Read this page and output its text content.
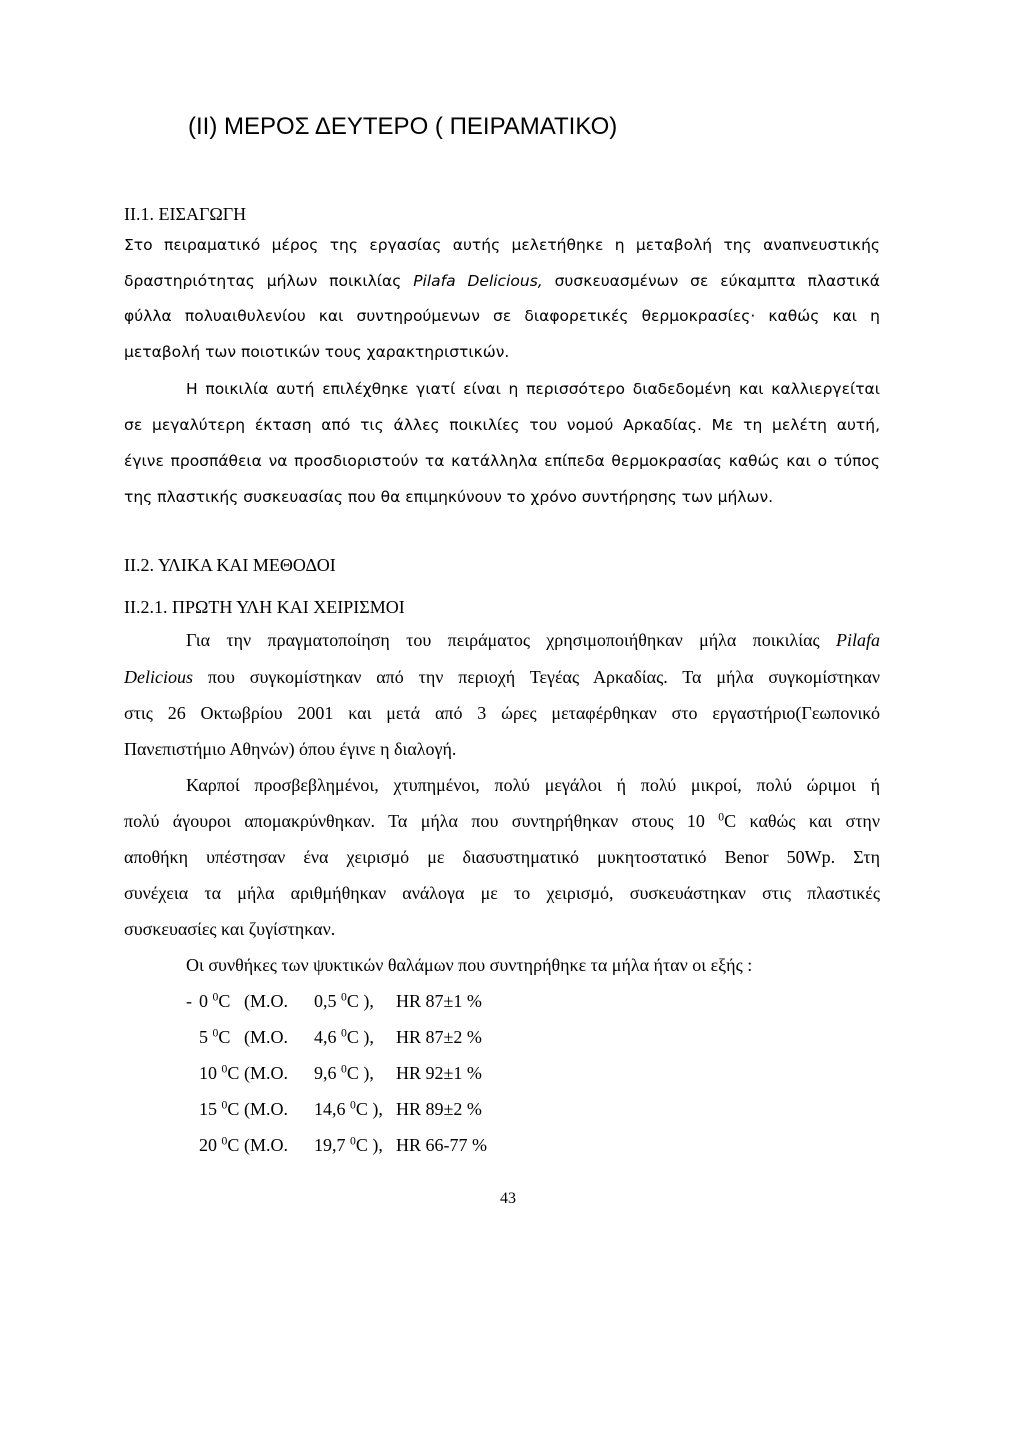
(II) ΜΕΡΟΣ ΔΕΥΤΕΡΟ ( ΠΕΙΡΑΜΑΤΙΚΟ)
ΙΙ.1. ΕΙΣΑΓΩΓΗ
Στο πειραματικό μέρος της εργασίας αυτής μελετήθηκε η μεταβολή της αναπνευστικής
δραστηριότητας μήλων ποικιλίας Pilafa Delicious, συσκευασμένων σε εύκαμπτα πλαστικά
φύλλα πολυαιθυλενίου και συντηρούμενων σε διαφορετικές θερμοκρασίες· καθώς και η
μεταβολή των ποιοτικών τους χαρακτηριστικών.
Η ποικιλία αυτή επιλέχθηκε γιατί είναι η περισσότερο διαδεδομένη και καλλιεργείται
σε μεγαλύτερη έκταση από τις άλλες ποικιλίες του νομού Αρκαδίας. Με τη μελέτη αυτή,
έγινε προσπάθεια να προσδιοριστούν τα κατάλληλα επίπεδα θερμοκρασίας καθώς και ο τύπος
της πλαστικής συσκευασίας που θα επιμηκύνουν το χρόνο συντήρησης των μήλων.
ΙΙ.2. ΥΛΙΚΑ ΚΑΙ ΜΕΘΟΔΟΙ
ΙΙ.2.1. ΠΡΩΤΗ ΥΛΗ ΚΑΙ ΧΕΙΡΙΣΜΟΙ
Για την πραγματοποίηση του πειράματος χρησιμοποιήθηκαν μήλα ποικιλίας Pilafa
Delicious που συγκομίστηκαν από την περιοχή Τεγέας Αρκαδίας. Τα μήλα συγκομίστηκαν
στις 26 Οκτωβρίου 2001 και μετά από 3 ώρες μεταφέρθηκαν στο εργαστήριο(Γεωπονικό
Πανεπιστήμιο Αθηνών) όπου έγινε η διαλογή.
Καρποί προσβεβλημένοι, χτυπημένοι, πολύ μεγάλοι ή πολύ μικροί, πολύ ώριμοι ή
πολύ άγουροι απομακρύνθηκαν. Τα μήλα που συντηρήθηκαν στους 10 $^0$C καθώς και στην
αποθήκη υπέστησαν ένα χειρισμό με διασυστηματικό μυκητοστατικό Benor 50Wp. Στη
συνέχεια τα μήλα αριθμήθηκαν ανάλογα με το χειρισμό, συσκευάστηκαν στις πλαστικές
συσκευασίες και ζυγίστηκαν.
Οι συνθήκες των ψυκτικών θαλάμων που συντηρήθηκε τα μήλα ήταν οι εξής :
- 0 $^0$C (Μ.Ο. 0,5 $^0$C ), ΗR 87±1 %
5 $^0$C (Μ.Ο. 4,6 $^0$C ), HR 87±2 %
10 $^0$C (Μ.Ο. 9,6 $^0$C ), HR 92±1 %
15 $^0$C (Μ.Ο. 14,6 $^0$C ), HR 89±2 %
20 $^0$C (Μ.Ο. 19,7 $^0$C ), HR 66-77 %
43
